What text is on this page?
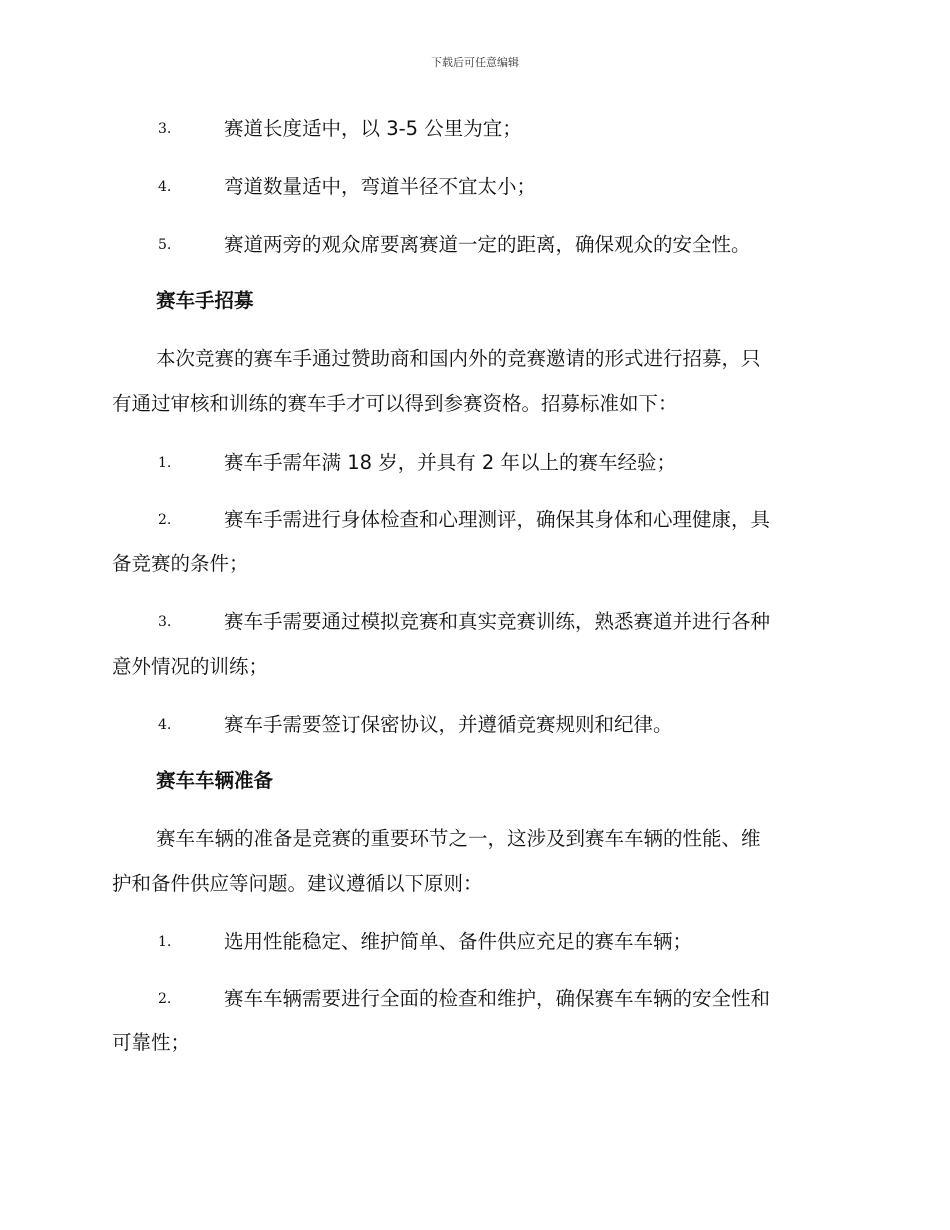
下载后可任意编辑
3.	赛道长度适中，以 3-5 公里为宜；
4.	弯道数量适中，弯道半径不宜太小；
5.	赛道两旁的观众席要离赛道一定的距离，确保观众的安全性。
赛车手招募
本次竞赛的赛车手通过赞助商和国内外的竞赛邀请的形式进行招募，只
有通过审核和训练的赛车手才可以得到参赛资格。招募标准如下：
1.	赛车手需年满 18 岁，并具有 2 年以上的赛车经验；
2.	赛车手需进行身体检查和心理测评，确保其身体和心理健康，具
备竞赛的条件；
3.	赛车手需要通过模拟竞赛和真实竞赛训练，熟悉赛道并进行各种
意外情况的训练；
4.	赛车手需要签订保密协议，并遵循竞赛规则和纪律。
赛车车辆准备
赛车车辆的准备是竞赛的重要环节之一，这涉及到赛车车辆的性能、维
护和备件供应等问题。建议遵循以下原则：
1.	选用性能稳定、维护简单、备件供应充足的赛车车辆；
2.	赛车车辆需要进行全面的检查和维护，确保赛车车辆的安全性和
可靠性；
